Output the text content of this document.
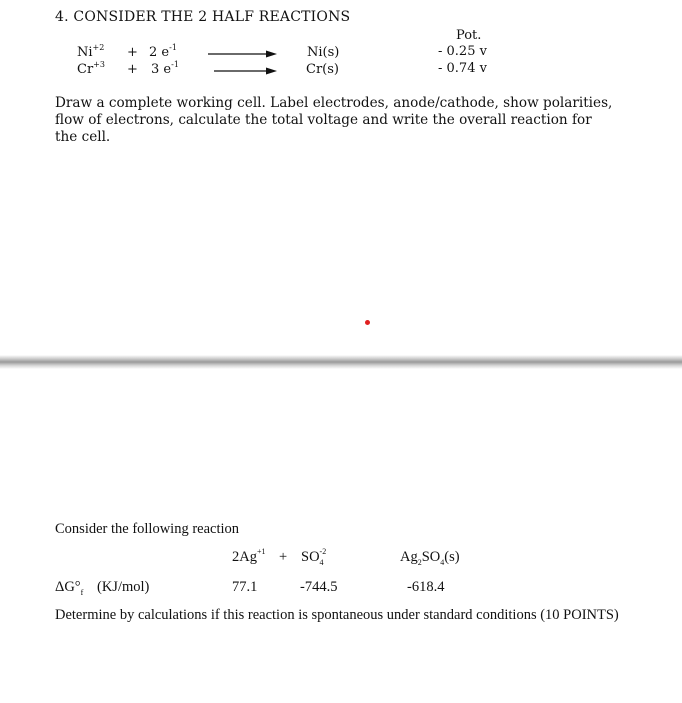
4. CONSIDER THE 2 HALF REACTIONS
Pot.
$Ni^{+2} + 2$ $e^{-1}$	Ni(s)	- 0.25 v
$Cr^{+3} + 3$ $e^{-1}$	Cr(s)	- 0.74 v
Draw a complete working cell. Label electrodes, anode/cathode, show polarities, flow of electrons, calculate the total voltage and write the overall reaction for the cell.
Consider the following reaction
$2Ag^{+1} + SO_4^{-2}$	$Ag_2SO_4(s)$
$\Delta G^\circ_f$ (KJ/mol)	77.1	-744.5	-618.4
Determine by calculations if this reaction is spontaneous under standard conditions (10 POINTS)
